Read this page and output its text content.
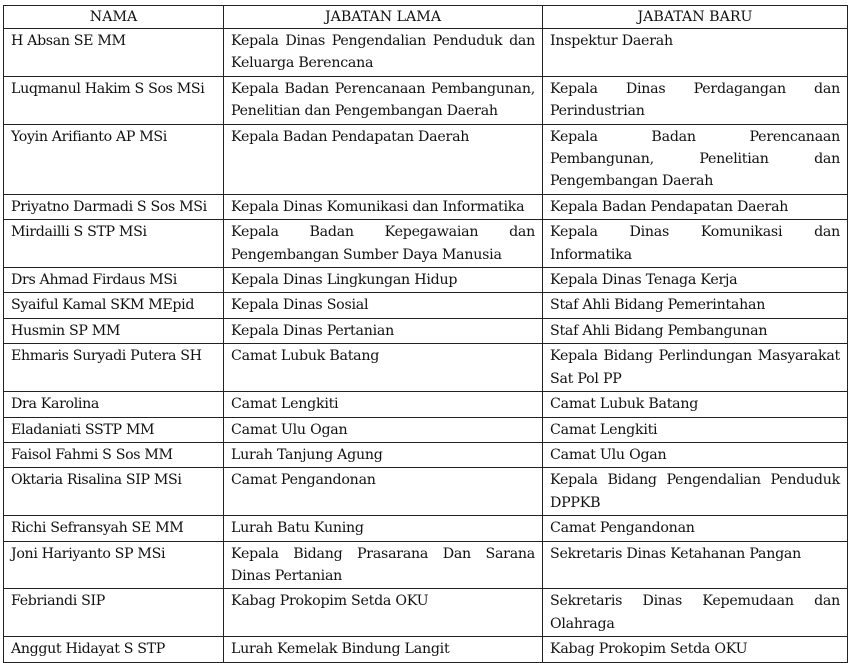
NAMA	JABATAN LAMA	JABATAN BARU
H Absan SE MM	Kepala Dinas Pengendalian Penduduk dan Keluarga Berencana	Inspektur Daerah
Luqmanul Hakim S Sos MSi	Kepala Badan Perencanaan Pembangunan, Penelitian dan Pengembangan Daerah	Kepala Dinas Perdagangan dan Perindustrian
Yoyin Arifianto AP MSi	Kepala Badan Pendapatan Daerah	Kepala Badan Perencanaan Pembangunan, Penelitian dan Pengembangan Daerah
Priyatno Darmadi S Sos MSi	Kepala Dinas Komunikasi dan Informatika	Kepala Badan Pendapatan Daerah
Mirdailli S STP MSi	Kepala Badan Kepegawaian dan Pengembangan Sumber Daya Manusia	Kepala Dinas Komunikasi dan Informatika
Drs Ahmad Firdaus MSi	Kepala Dinas Lingkungan Hidup	Kepala Dinas Tenaga Kerja
Syaiful Kamal SKM MEpid	Kepala Dinas Sosial	Staf Ahli Bidang Pemerintahan
Husmin SP MM	Kepala Dinas Pertanian	Staf Ahli Bidang Pembangunan
Ehmaris Suryadi Putera SH	Camat Lubuk Batang	Kepala Bidang Perlindungan Masyarakat Sat Pol PP
Dra Karolina	Camat Lengkiti	Camat Lubuk Batang
Eladaniati SSTP MM	Camat Ulu Ogan	Camat Lengkiti
Faisol Fahmi S Sos MM	Lurah Tanjung Agung	Camat Ulu Ogan
Oktaria Risalina SIP MSi	Camat Pengandonan	Kepala Bidang Pengendalian Penduduk DPPKB
Richi Sefransyah SE MM	Lurah Batu Kuning	Camat Pengandonan
Joni Hariyanto SP MSi	Kepala Bidang Prasarana Dan Sarana Dinas Pertanian	Sekretaris Dinas Ketahanan Pangan
Febriandi SIP	Kabag Prokopim Setda OKU	Sekretaris Dinas Kepemudaan dan Olahraga
Anggut Hidayat S STP	Lurah Kemelak Bindung Langit	Kabag Prokopim Setda OKU
